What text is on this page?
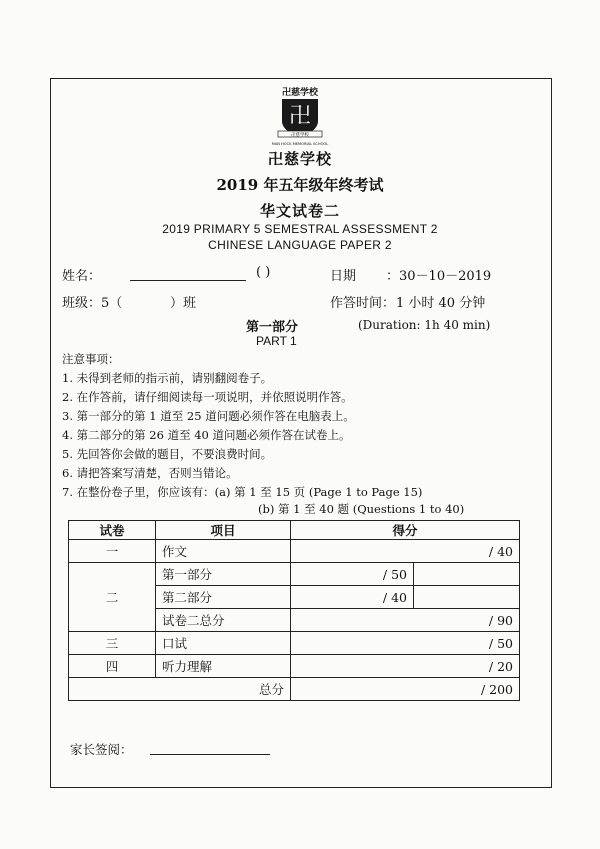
卍慈学校
卍
卍慈学校
MAN HOCK MEMORIAL SCHOOL
卍慈学校
2019 年五年级年终考试
华文试卷二
2019 PRIMARY 5 SEMESTRAL ASSESSMENT 2
CHINESE LANGUAGE PAPER 2
姓名：	( )	日期 ：30－10－2019
班级：5（	）班	作答时间： 1 小时 40 分钟
第一部分	(Duration: 1h 40 min)
PART 1
注意事项：
1. 未得到老师的指示前，请别翻阅卷子。
2. 在作答前，请仔细阅读每一项说明，并依照说明作答。
3. 第一部分的第 1 道至 25 道问题必须作答在电脑表上。
4. 第二部分的第 26 道至 40 道问题必须作答在试卷上。
5. 先回答你会做的题目，不要浪费时间。
6. 请把答案写清楚，否则当错论。
7. 在整份卷子里，你应该有：(a) 第 1 至 15 页 (Page 1 to Page 15)
(b) 第 1 至 40 题 (Questions 1 to 40)
试卷	项目	得分	
一	作文	/ 40	
二	第一部分	/ 50	
	第二部分	/ 40	
	试卷二总分	/ 90	
三	口试	/ 50	
四	听力理解	/ 20	
总分		/ 200	
家长签阅：
